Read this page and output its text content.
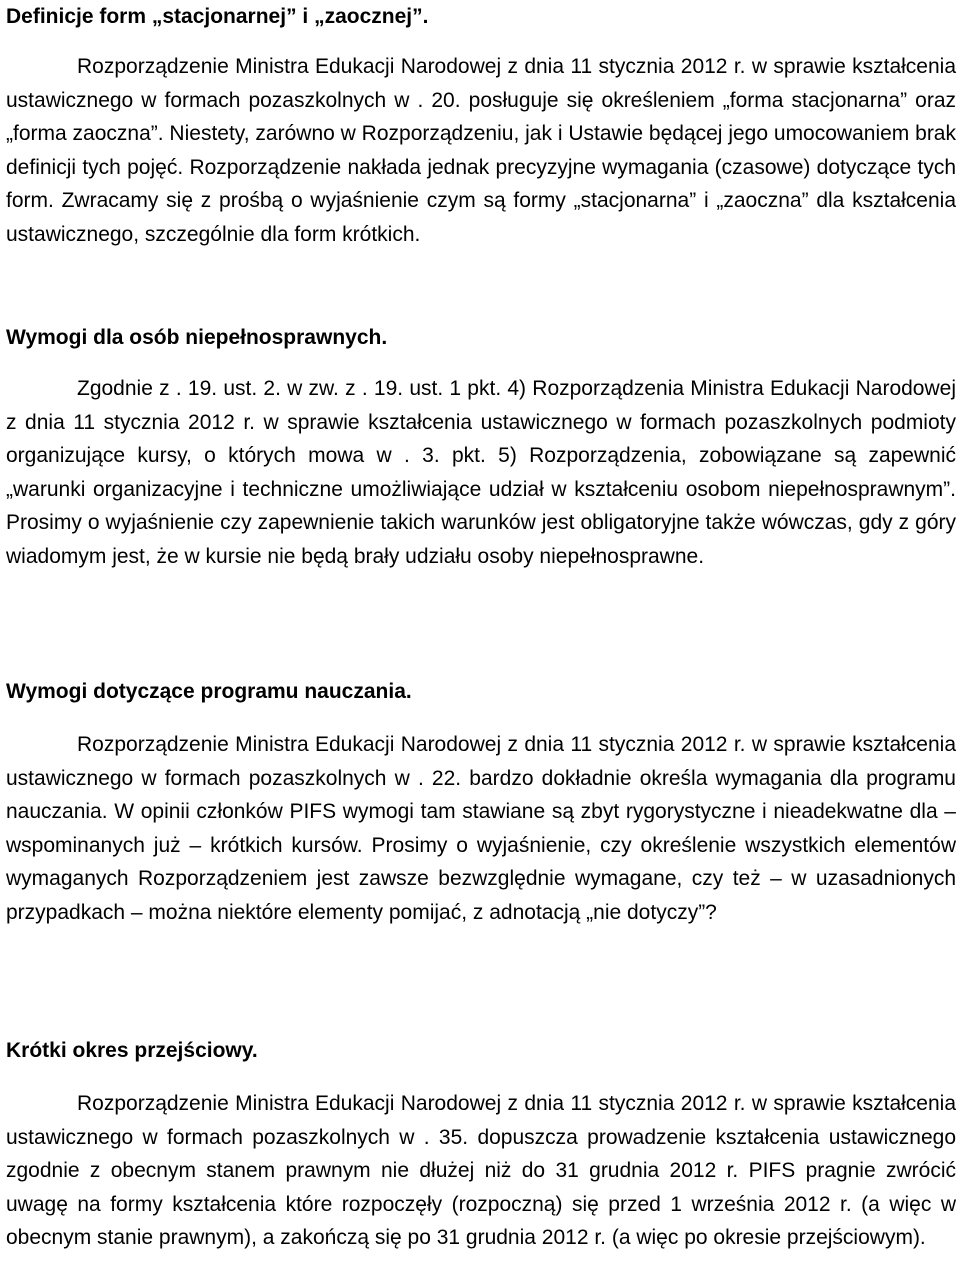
Definicje form „stacjonarnej” i „zaocznej”.

Rozporządzenie Ministra Edukacji Narodowej z dnia 11 stycznia 2012 r. w sprawie kształcenia ustawicznego w formach pozaszkolnych w . 20. posługuje się określeniem „forma stacjonarna” oraz „forma zaoczna”. Niestety, zarówno w Rozporządzeniu, jak i Ustawie będącej jego umocowaniem brak definicji tych pojęć. Rozporządzenie nakłada jednak precyzyjne wymagania (czasowe) dotyczące tych form. Zwracamy się z prośbą o wyjaśnienie czym są formy „stacjonarna” i „zaoczna” dla kształcenia ustawicznego, szczególnie dla form krótkich.

Wymogi dla osób niepełnosprawnych.

Zgodnie z . 19. ust. 2. w zw. z . 19. ust. 1 pkt. 4) Rozporządzenia Ministra Edukacji Narodowej z dnia 11 stycznia 2012 r. w sprawie kształcenia ustawicznego w formach pozaszkolnych podmioty organizujące kursy, o których mowa w . 3. pkt. 5) Rozporządzenia, zobowiązane są zapewnić „warunki organizacyjne i techniczne umożliwiające udział w kształceniu osobom niepełnosprawnym”. Prosimy o wyjaśnienie czy zapewnienie takich warunków jest obligatoryjne także wówczas, gdy z góry wiadomym jest, że w kursie nie będą brały udziału osoby niepełnosprawne.

Wymogi dotyczące programu nauczania.

Rozporządzenie Ministra Edukacji Narodowej z dnia 11 stycznia 2012 r. w sprawie kształcenia ustawicznego w formach pozaszkolnych w . 22. bardzo dokładnie określa wymagania dla programu nauczania. W opinii członków PIFS wymogi tam stawiane są zbyt rygorystyczne i nieadekwatne dla – wspominanych już – krótkich kursów. Prosimy o wyjaśnienie, czy określenie wszystkich elementów wymaganych Rozporządzeniem jest zawsze bezwzględnie wymagane, czy też – w uzasadnionych przypadkach – można niektóre elementy pomijać, z adnotacją „nie dotyczy”?

Krótki okres przejściowy.

Rozporządzenie Ministra Edukacji Narodowej z dnia 11 stycznia 2012 r. w sprawie kształcenia ustawicznego w formach pozaszkolnych w . 35. dopuszcza prowadzenie kształcenia ustawicznego zgodnie z obecnym stanem prawnym nie dłużej niż do 31 grudnia 2012 r. PIFS pragnie zwrócić uwagę na formy kształcenia które rozpoczęły (rozpoczną) się przed 1 września 2012 r. (a więc w obecnym stanie prawnym), a zakończą się po 31 grudnia 2012 r. (a więc po okresie przejściowym).
